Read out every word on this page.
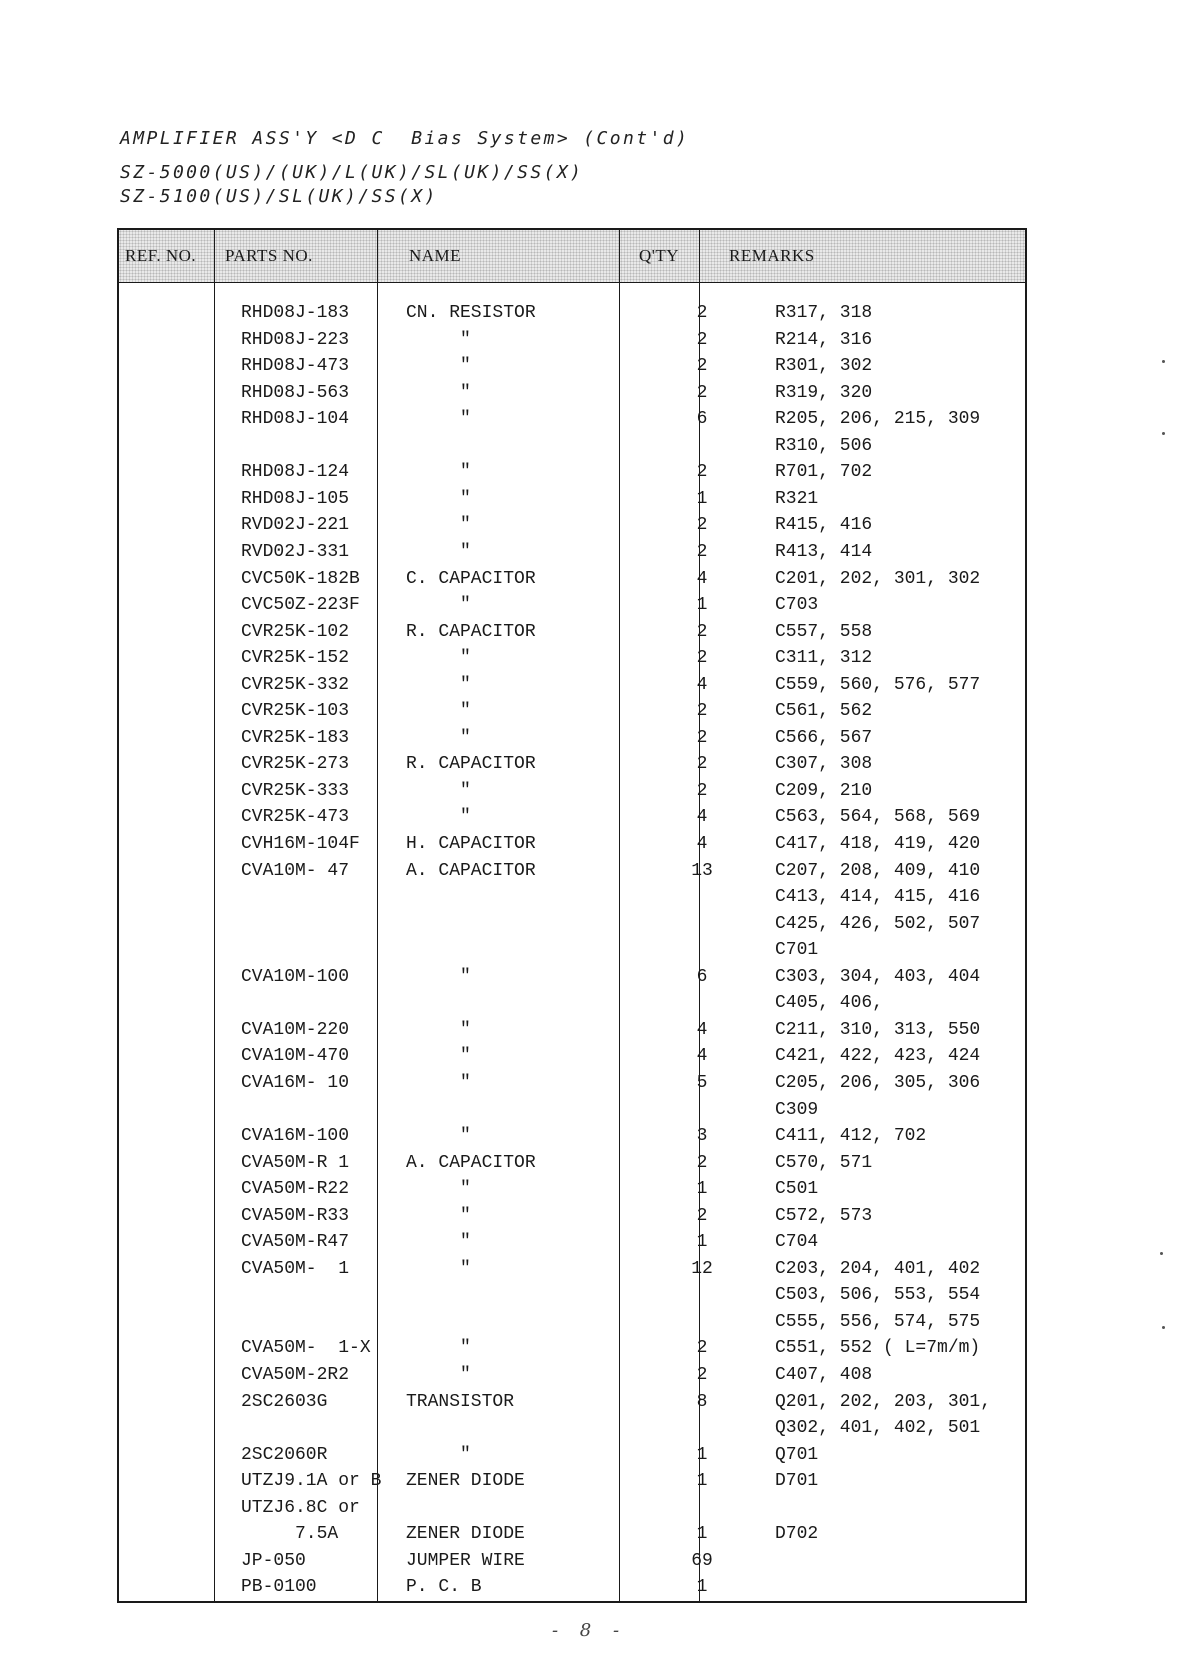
AMPLIFIER ASS'Y <D C  Bias System> (Cont'd)
SZ-5000(US)/(UK)/L(UK)/SL(UK)/SS(X)
SZ-5100(US)/SL(UK)/SS(X)
REF. NO. PARTS NO.	NAME	Q'TY	REMARKS
RHD08J-183	CN. RESISTOR	2	R317, 318
RHD08J-223	″	2	R214, 316
RHD08J-473	″	2	R301, 302
RHD08J-563	″	2	R319, 320
RHD08J-104	″	6	R205, 206, 215, 309
R310, 506
RHD08J-124	″	2	R701, 702
RHD08J-105	″	1	R321
RVD02J-221	″	2	R415, 416
RVD02J-331	″	2	R413, 414
CVC50K-182B	C. CAPACITOR	4	C201, 202, 301, 302
CVC50Z-223F	″	1	C703
CVR25K-102	R. CAPACITOR	2	C557, 558
CVR25K-152	″	2	C311, 312
CVR25K-332	″	4	C559, 560, 576, 577
CVR25K-103	″	2	C561, 562
CVR25K-183	″	2	C566, 567
CVR25K-273	R. CAPACITOR	2	C307, 308
CVR25K-333	″	2	C209, 210
CVR25K-473	″	4	C563, 564, 568, 569
CVH16M-104F	H. CAPACITOR	4	C417, 418, 419, 420
CVA10M- 47	A. CAPACITOR	13	C207, 208, 409, 410
C413, 414, 415, 416
C425, 426, 502, 507
C701
CVA10M-100	″	6	C303, 304, 403, 404
C405, 406,
CVA10M-220	″	4	C211, 310, 313, 550
CVA10M-470	″	4	C421, 422, 423, 424
CVA16M- 10	″	5	C205, 206, 305, 306
C309
CVA16M-100	″	3	C411, 412, 702
CVA50M-R 1	A. CAPACITOR	2	C570, 571
CVA50M-R22	″	1	C501
CVA50M-R33	″	2	C572, 573
CVA50M-R47	″	1	C704
CVA50M-  1	″	12	C203, 204, 401, 402
C503, 506, 553, 554
C555, 556, 574, 575
CVA50M-  1-X ″	2	C551, 552 ( L=7m/m)
CVA50M-2R2	″	2	C407, 408
2SC2603G	TRANSISTOR	8	Q201, 202, 203, 301,
Q302, 401, 402, 501
2SC2060R	″	1	Q701
UTZJ9.1A or B ZENER DIODE	1	D701
UTZJ6.8C or
7.5A	ZENER DIODE	1	D702
JP-050	JUMPER WIRE	69
PB-0100	P. C. B	1
- 8 -
